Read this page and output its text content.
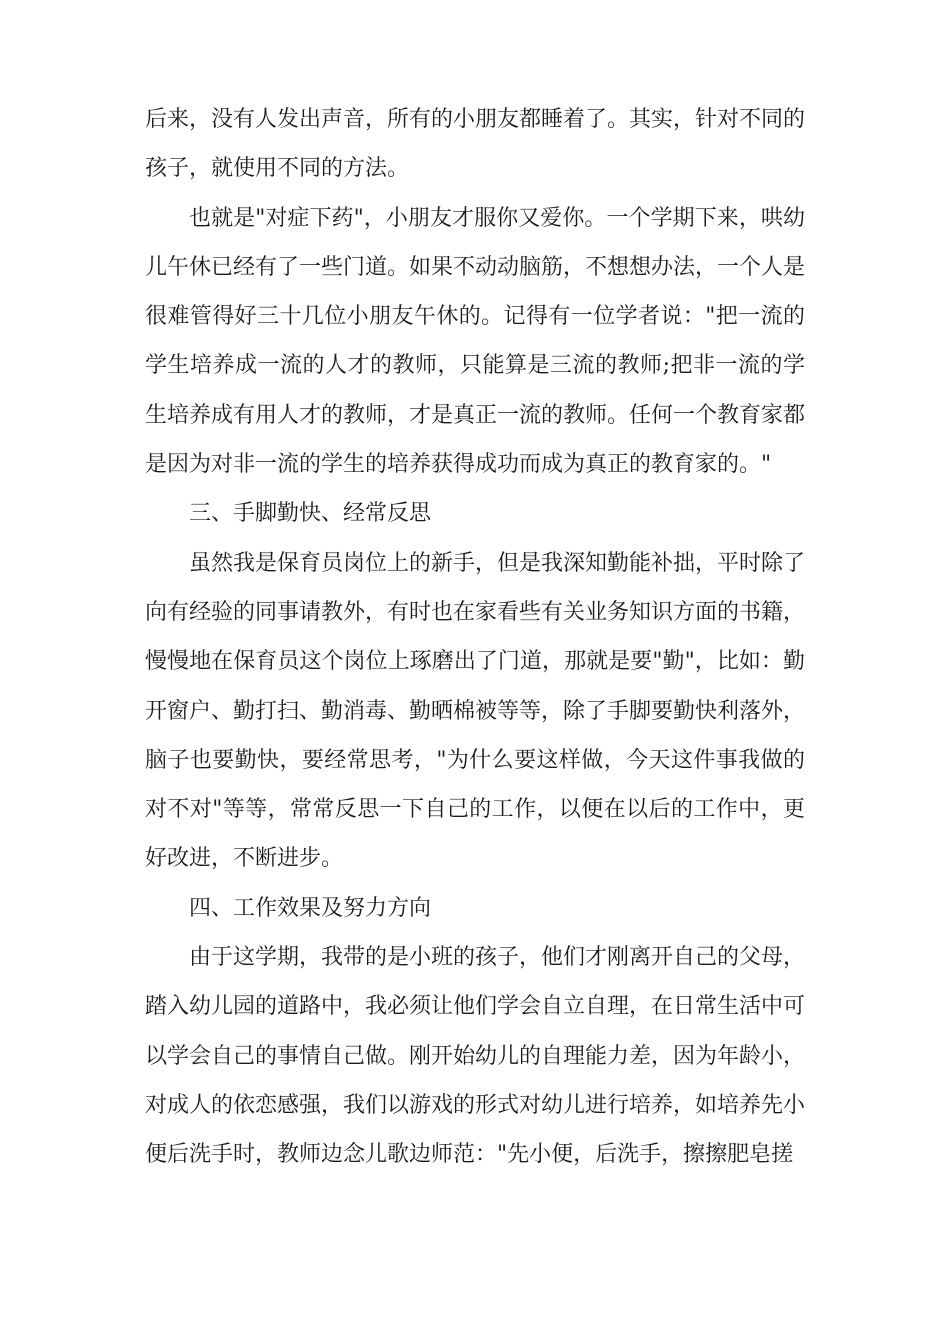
后来，没有人发出声音，所有的小朋友都睡着了。其实，针对不同的孩子，就使用不同的方法。

也就是"对症下药"，小朋友才服你又爱你。一个学期下来，哄幼儿午休已经有了一些门道。如果不动动脑筋，不想想办法，一个人是很难管得好三十几位小朋友午休的。记得有一位学者说："把一流的学生培养成一流的人才的教师，只能算是三流的教师;把非一流的学生培养成有用人才的教师，才是真正一流的教师。任何一个教育家都是因为对非一流的学生的培养获得成功而成为真正的教育家的。"

三、手脚勤快、经常反思

虽然我是保育员岗位上的新手，但是我深知勤能补拙，平时除了向有经验的同事请教外，有时也在家看些有关业务知识方面的书籍，慢慢地在保育员这个岗位上琢磨出了门道，那就是要"勤"，比如：勤开窗户、勤打扫、勤消毒、勤晒棉被等等，除了手脚要勤快利落外，脑子也要勤快，要经常思考，"为什么要这样做，今天这件事我做的对不对"等等，常常反思一下自己的工作，以便在以后的工作中，更好改进，不断进步。

四、工作效果及努力方向

由于这学期，我带的是小班的孩子，他们才刚离开自己的父母，踏入幼儿园的道路中，我必须让他们学会自立自理，在日常生活中可以学会自己的事情自己做。刚开始幼儿的自理能力差，因为年龄小，对成人的依恋感强，我们以游戏的形式对幼儿进行培养，如培养先小便后洗手时，教师边念儿歌边师范："先小便，后洗手，擦擦肥皂搓
